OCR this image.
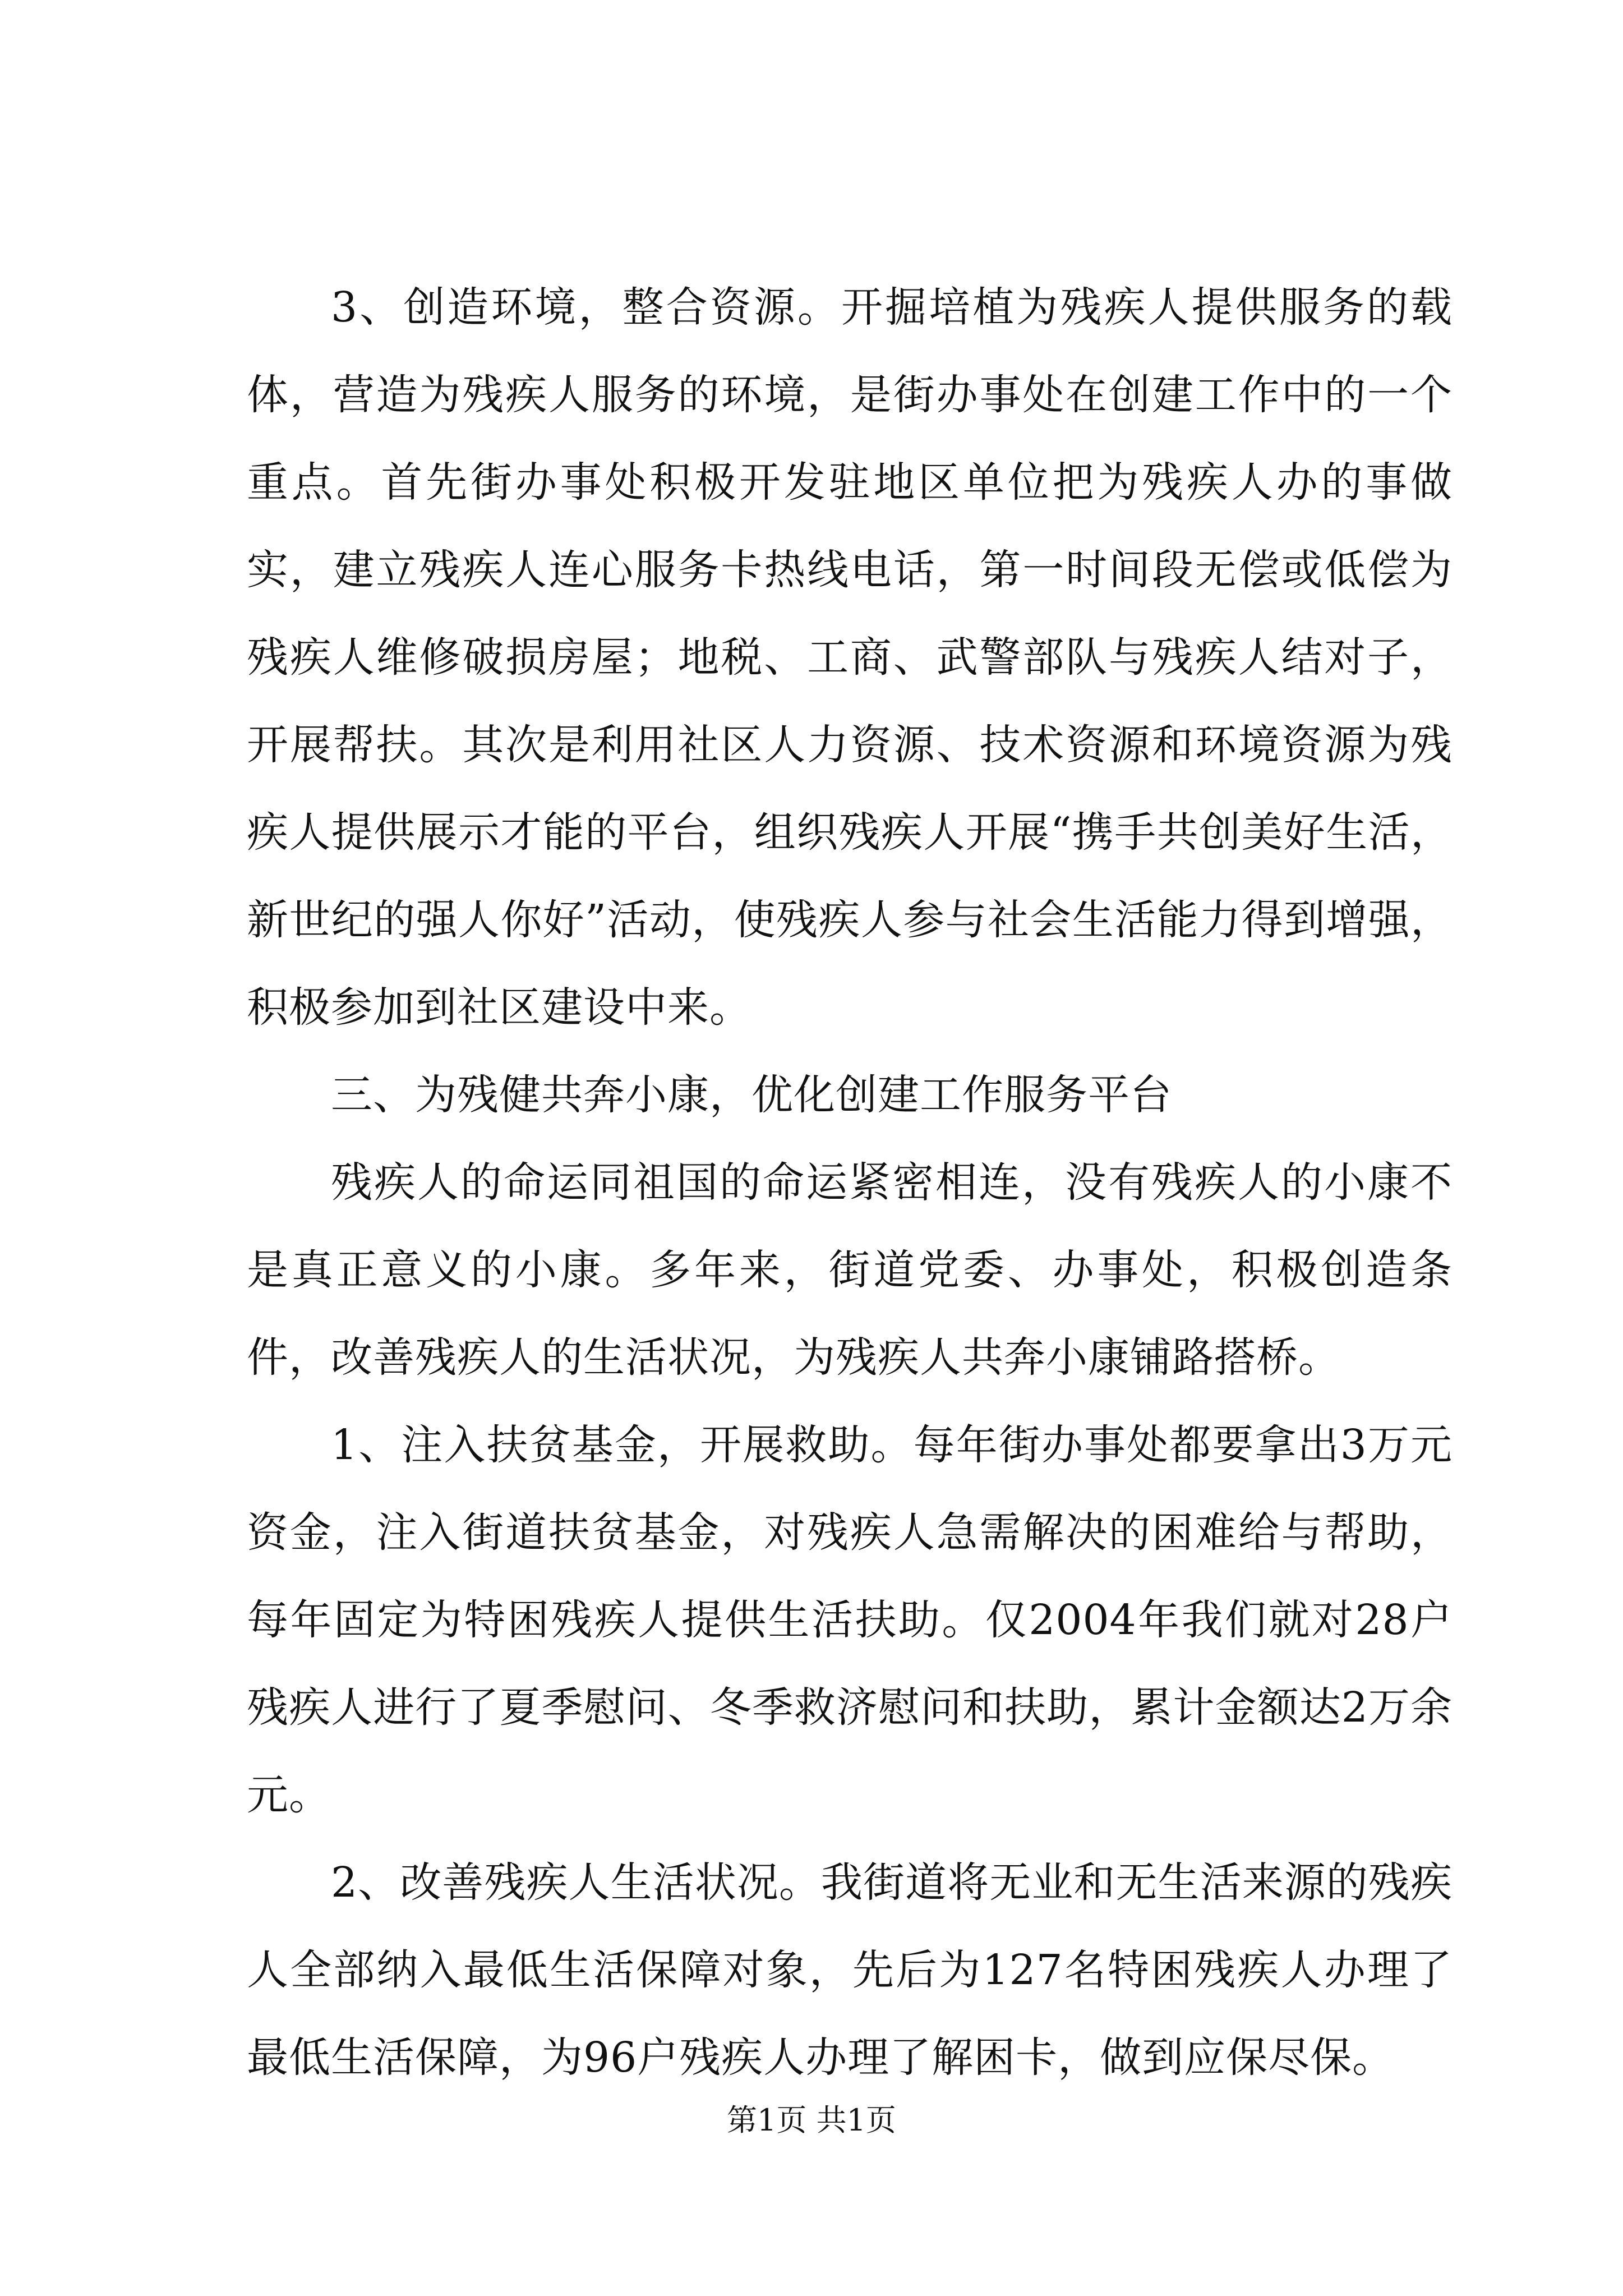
3、创造环境，整合资源。开掘培植为残疾人提供服务的载体，营造为残疾人服务的环境，是街办事处在创建工作中的一个重点。首先街办事处积极开发驻地区单位把为残疾人办的事做实，建立残疾人连心服务卡热线电话，第一时间段无偿或低偿为残疾人维修破损房屋；地税、工商、武警部队与残疾人结对子，开展帮扶。其次是利用社区人力资源、技术资源和环境资源为残疾人提供展示才能的平台，组织残疾人开展“携手共创美好生活，新世纪的强人你好”活动，使残疾人参与社会生活能力得到增强，积极参加到社区建设中来。

三、为残健共奔小康，优化创建工作服务平台

残疾人的命运同祖国的命运紧密相连，没有残疾人的小康不是真正意义的小康。多年来，街道党委、办事处，积极创造条件，改善残疾人的生活状况，为残疾人共奔小康铺路搭桥。

1、注入扶贫基金，开展救助。每年街办事处都要拿出3万元资金，注入街道扶贫基金，对残疾人急需解决的困难给与帮助，每年固定为特困残疾人提供生活扶助。仅2004年我们就对28户残疾人进行了夏季慰问、冬季救济慰问和扶助，累计金额达2万余元。

2、改善残疾人生活状况。我街道将无业和无生活来源的残疾人全部纳入最低生活保障对象，先后为127名特困残疾人办理了最低生活保障，为96户残疾人办理了解困卡，做到应保尽保。

第1页 共1页
